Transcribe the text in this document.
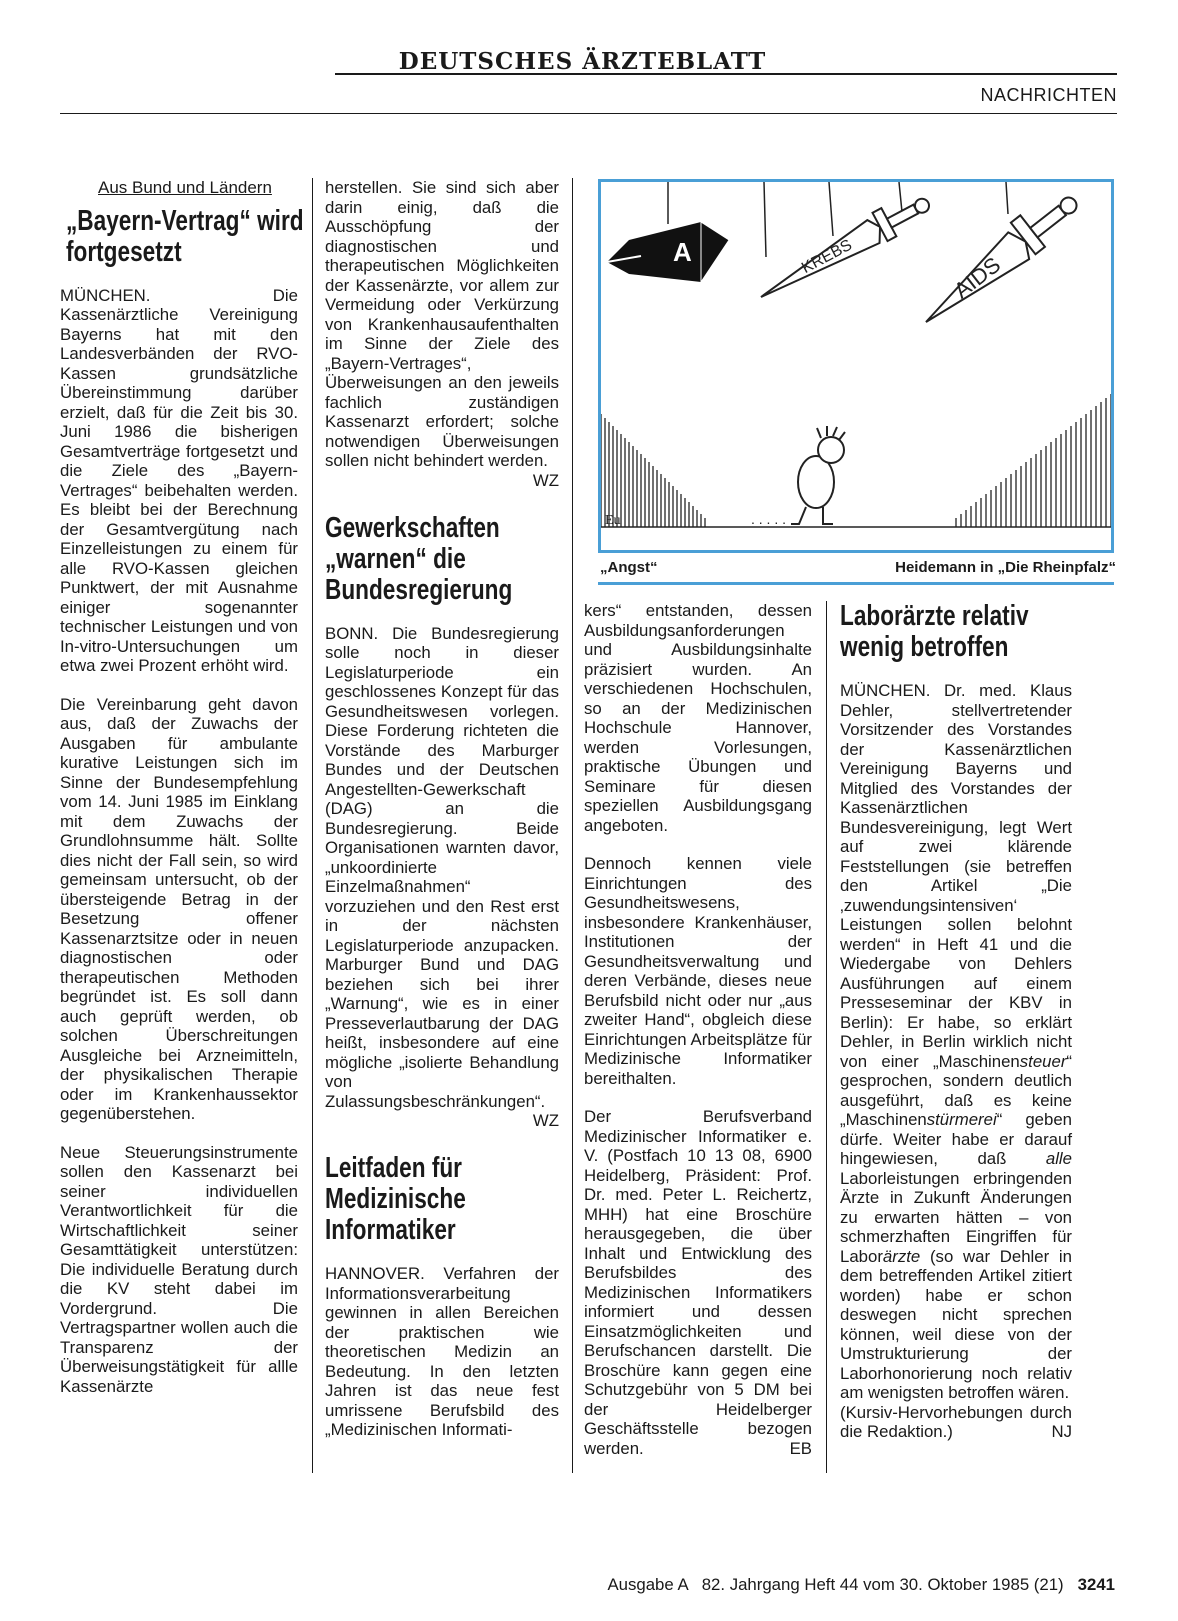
DEUTSCHES ÄRZTEBLATT
NACHRICHTEN
Aus Bund und Ländern
„Bayern-Vertrag“ wird fortgesetzt

MÜNCHEN. Die Kassenärztliche Vereinigung Bayerns hat mit den Landesverbänden der RVO-Kassen grundsätzliche Übereinstimmung darüber erzielt, daß für die Zeit bis 30. Juni 1986 die bisherigen Gesamtverträge fortgesetzt und die Ziele des „Bayern-Vertrages“ beibehalten werden. Es bleibt bei der Berechnung der Gesamtvergütung nach Einzelleistungen zu einem für alle RVO-Kassen gleichen Punktwert, der mit Ausnahme einiger sogenannter technischer Leistungen und von In-vitro-Untersuchungen um etwa zwei Prozent erhöht wird.

Die Vereinbarung geht davon aus, daß der Zuwachs der Ausgaben für ambulante kurative Leistungen sich im Sinne der Bundesempfehlung vom 14. Juni 1985 im Einklang mit dem Zuwachs der Grundlohnsumme hält. Sollte dies nicht der Fall sein, so wird gemeinsam untersucht, ob der übersteigende Betrag in der Besetzung offener Kassenarztsitze oder in neuen diagnostischen oder therapeutischen Methoden begründet ist. Es soll dann auch geprüft werden, ob solchen Überschreitungen Ausgleiche bei Arzneimitteln, der physikalischen Therapie oder im Krankenhaussektor gegenüberstehen.

Neue Steuerungsinstrumente sollen den Kassenarzt bei seiner individuellen Verantwortlichkeit für die Wirtschaftlichkeit seiner Gesamttätigkeit unterstützen: Die individuelle Beratung durch die KV steht dabei im Vordergrund. Die Vertragspartner wollen auch die Transparenz der Überweisungstätigkeit für allle Kassenärzte

herstellen. Sie sind sich aber darin einig, daß die Ausschöpfung der diagnostischen und therapeutischen Möglichkeiten der Kassenärzte, vor allem zur Vermeidung oder Verkürzung von Krankenhausaufenthalten im Sinne der Ziele des „Bayern-Vertrages“, Überweisungen an den jeweils fachlich zuständigen Kassenarzt erfordert; solche notwendigen Überweisungen sollen nicht behindert werden.
WZ

Gewerkschaften „warnen“ die Bundesregierung

BONN. Die Bundesregierung solle noch in dieser Legislaturperiode ein geschlossenes Konzept für das Gesundheitswesen vorlegen. Diese Forderung richteten die Vorstände des Marburger Bundes und der Deutschen Angestellten-Gewerkschaft (DAG) an die Bundesregierung. Beide Organisationen warnten davor, „unkoordinierte Einzelmaßnahmen“ vorzuziehen und den Rest erst in der nächsten Legislaturperiode anzupacken. Marburger Bund und DAG beziehen sich bei ihrer „Warnung“, wie es in einer Presseverlautbarung der DAG heißt, insbesondere auf eine mögliche „isolierte Behandlung von Zulassungsbeschränkungen“.
WZ

Leitfaden für Medizinische Informatiker

HANNOVER. Verfahren der Informationsverarbeitung gewinnen in allen Bereichen der praktischen wie theoretischen Medizin an Bedeutung. In den letzten Jahren ist das neue fest umrissene Berufsbild des „Medizinischen Informati-

A	KREBS	AIDS
. . . . .
Eu
„Angst“	Heidemann in „Die Rheinpfalz“

kers“ entstanden, dessen Ausbildungsanforderungen und Ausbildungsinhalte präzisiert wurden. An verschiedenen Hochschulen, so an der Medizinischen Hochschule Hannover, werden Vorlesungen, praktische Übungen und Seminare für diesen speziellen Ausbildungsgang angeboten.

Dennoch kennen viele Einrichtungen des Gesundheitswesens, insbesondere Krankenhäuser, Institutionen der Gesundheitsverwaltung und deren Verbände, dieses neue Berufsbild nicht oder nur „aus zweiter Hand“, obgleich diese Einrichtungen Arbeitsplätze für Medizinische Informatiker bereithalten.

Der Berufsverband Medizinischer Informatiker e. V. (Postfach 10 13 08, 6900 Heidelberg, Präsident: Prof. Dr. med. Peter L. Reichertz, MHH) hat eine Broschüre herausgegeben, die über Inhalt und Entwicklung des Berufsbildes des Medizinischen Informatikers informiert und dessen Einsatzmöglichkeiten und Berufschancen darstellt. Die Broschüre kann gegen eine Schutzgebühr von 5 DM bei der Heidelberger Geschäftsstelle bezogen werden.	EB

Laborärzte relativ wenig betroffen

MÜNCHEN. Dr. med. Klaus Dehler, stellvertretender Vorsitzender des Vorstandes der Kassenärztlichen Vereinigung Bayerns und Mitglied des Vorstandes der Kassenärztlichen Bundesvereinigung, legt Wert auf zwei klärende Feststellungen (sie betreffen den Artikel „Die ‚zuwendungsintensiven‘ Leistungen sollen belohnt werden“ in Heft 41 und die Wiedergabe von Dehlers Ausführungen auf einem Presseseminar der KBV in Berlin): Er habe, so erklärt Dehler, in Berlin wirklich nicht von einer „Maschinensteuer“ gesprochen, sondern deutlich ausgeführt, daß es keine „Maschinenstürmerei“ geben dürfe. Weiter habe er darauf hingewiesen, daß alle Laborleistungen erbringenden Ärzte in Zukunft Änderungen zu erwarten hätten – von schmerzhaften Eingriffen für Laborärzte (so war Dehler in dem betreffenden Artikel zitiert worden) habe er schon deswegen nicht sprechen können, weil diese von der Umstrukturierung der Laborhonorierung noch relativ am wenigsten betroffen wären.

(Kursiv-Hervorhebungen durch die Redaktion.)	NJ

Ausgabe A   82. Jahrgang Heft 44 vom 30. Oktober 1985 (21) 3241
